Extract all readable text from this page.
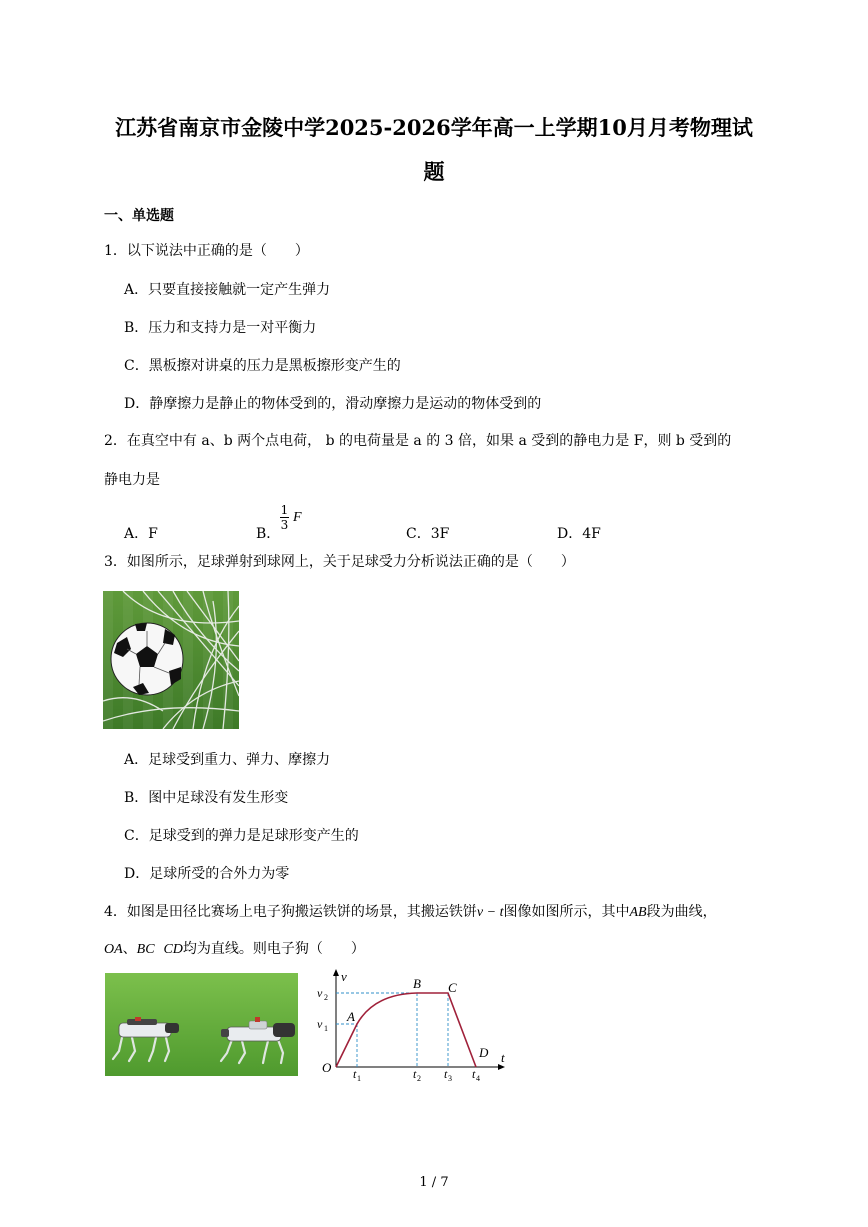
江苏省南京市金陵中学2025-2026学年高一上学期10月月考物理试
题
一、单选题
1．以下说法中正确的是（　　）
A．只要直接接触就一定产生弹力
B．压力和支持力是一对平衡力
C．黑板擦对讲桌的压力是黑板擦形变产生的
D．静摩擦力是静止的物体受到的，滑动摩擦力是运动的物体受到的
2．在真空中有 a、b 两个点电荷， b 的电荷量是 a 的 3 倍，如果 a 受到的静电力是 F，则 b 受到的
静电力是
A．F	B．
$\frac{1}{3}$ F
C．3F	D．4F
3．如图所示，足球弹射到球网上，关于足球受力分析说法正确的是（　　）
A．足球受到重力、弹力、摩擦力
B．图中足球没有发生形变
C．足球受到的弹力是足球形变产生的
D．足球所受的合外力为零
4．如图是田径比赛场上电子狗搬运铁饼的场景，其搬运铁饼v − t图像如图所示，其中AB段为曲线，
OA、BC CD均为直线。则电子狗（　　）
v
t
O
v 1
v 2
A
B C
D
t 1	t 2 t 3 t 4
1 / 7
